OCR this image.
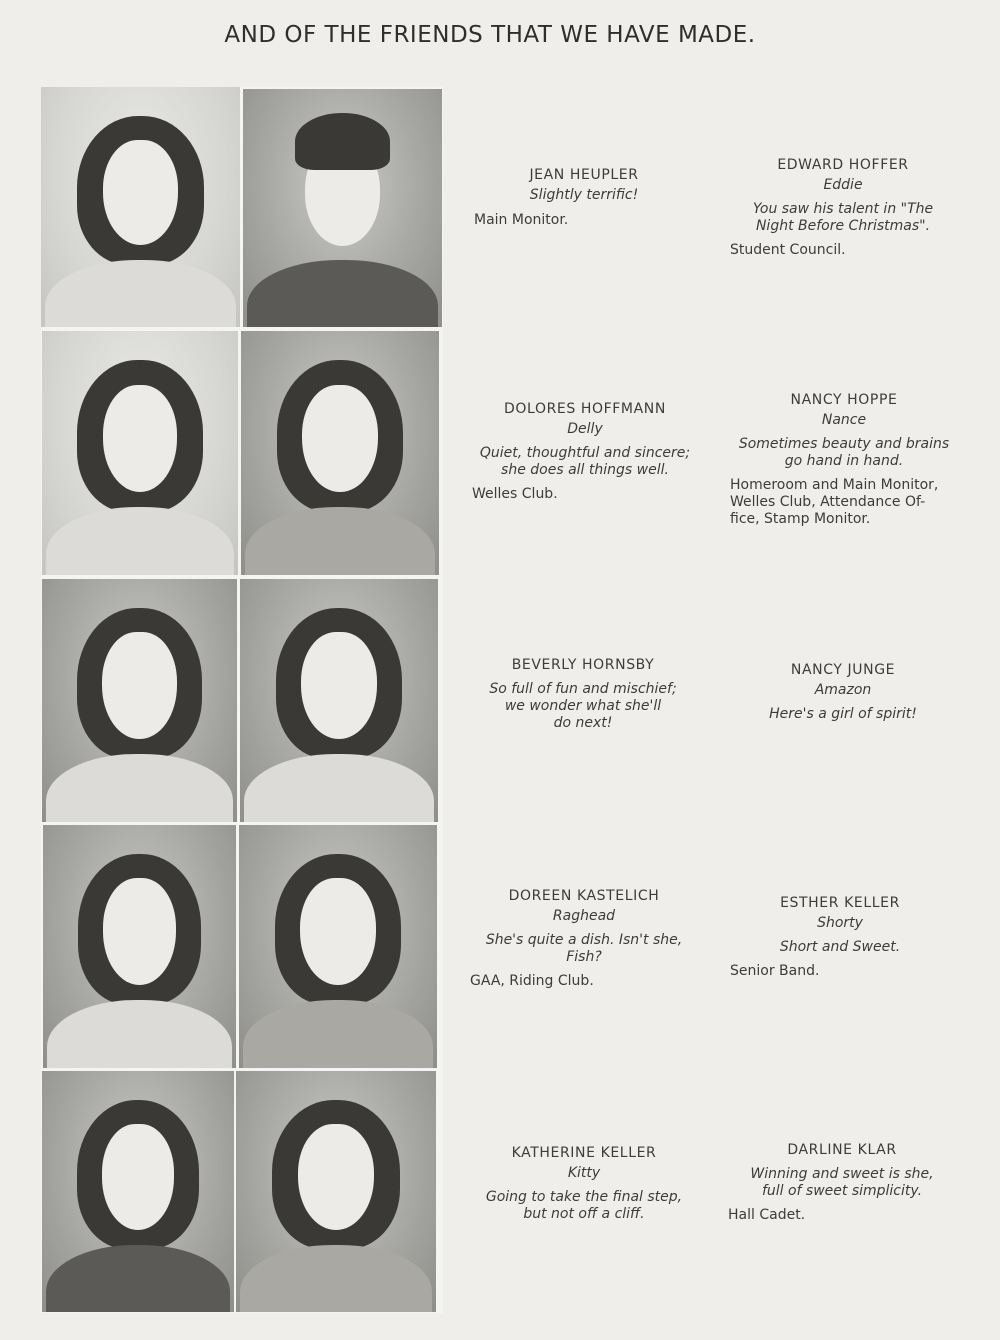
AND OF THE FRIENDS THAT WE HAVE MADE.
JEAN HEUPLER
Slightly terrific!
Main Monitor.
EDWARD HOFFER
Eddie
You saw his talent in "The
Night Before Christmas".
Student Council.
DOLORES HOFFMANN
Delly
Quiet, thoughtful and sincere;
she does all things well.
Welles Club.
NANCY HOPPE
Nance
Sometimes beauty and brains
go hand in hand.
Homeroom and Main Monitor,
Welles Club, Attendance Of-
fice, Stamp Monitor.
BEVERLY HORNSBY
So full of fun and mischief;
we wonder what she'll
do next!
NANCY JUNGE
Amazon
Here's a girl of spirit!
DOREEN KASTELICH
Raghead
She's quite a dish. Isn't she,
Fish?
GAA, Riding Club.
ESTHER KELLER
Shorty
Short and Sweet.
Senior Band.
KATHERINE KELLER
Kitty
Going to take the final step,
but not off a cliff.
DARLINE KLAR
Winning and sweet is she,
full of sweet simplicity.
Hall Cadet.
